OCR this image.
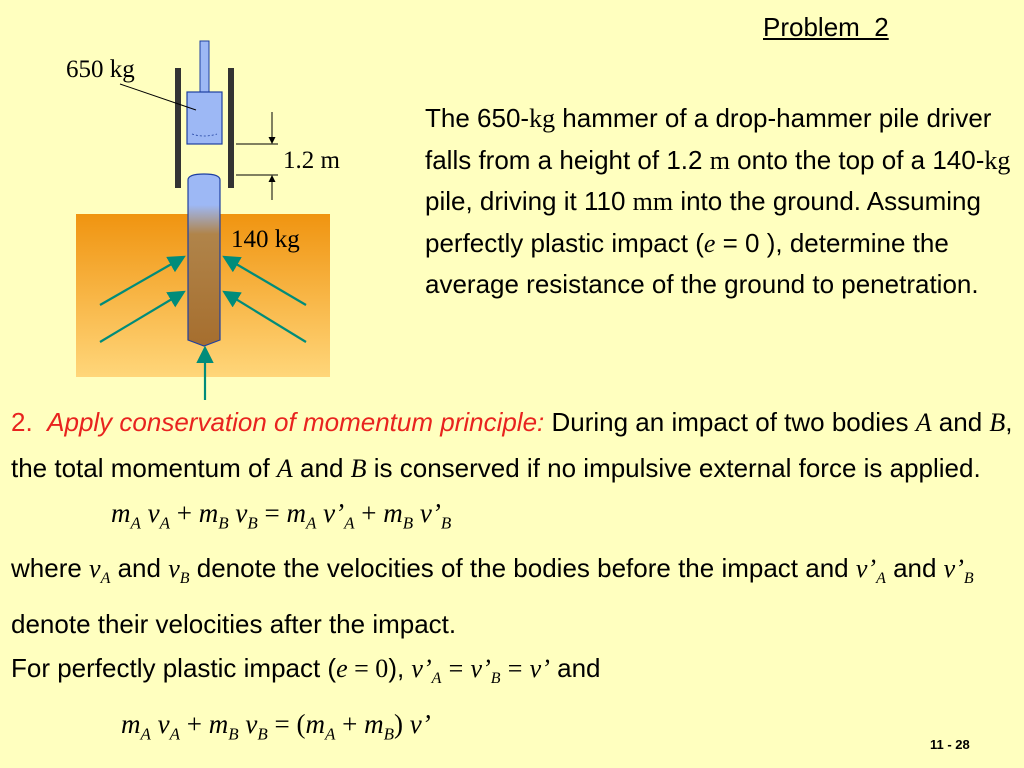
650 kg
1.2 m
140 kg
Problem  2
The 650-kg hammer of a drop-hammer pile driver falls from a height of 1.2 m onto the top of a 140-kg pile, driving it 110 mm into the ground. Assuming perfectly plastic impact (e = 0 ), determine the average resistance of the ground to penetration.
2. Apply conservation of momentum principle: During an impact of two bodies A and B, the total momentum of A and B is conserved if no impulsive external force is applied.
$m_A$ $v_A + m_B$ $v_B = m_A$ $v’_A + m_B$ $v’_B$
where $v_A$ and $v_B$ denote the velocities of the bodies before the impact and $v’_A$ and $v’_B$ denote their velocities after the impact.
For perfectly plastic impact (e = 0), $v’_A$ = $v’_B = v$’ and
$m_A$ $v_A + m_B$ $v_B = (m_A + m_B)$ v’
11 - 28
